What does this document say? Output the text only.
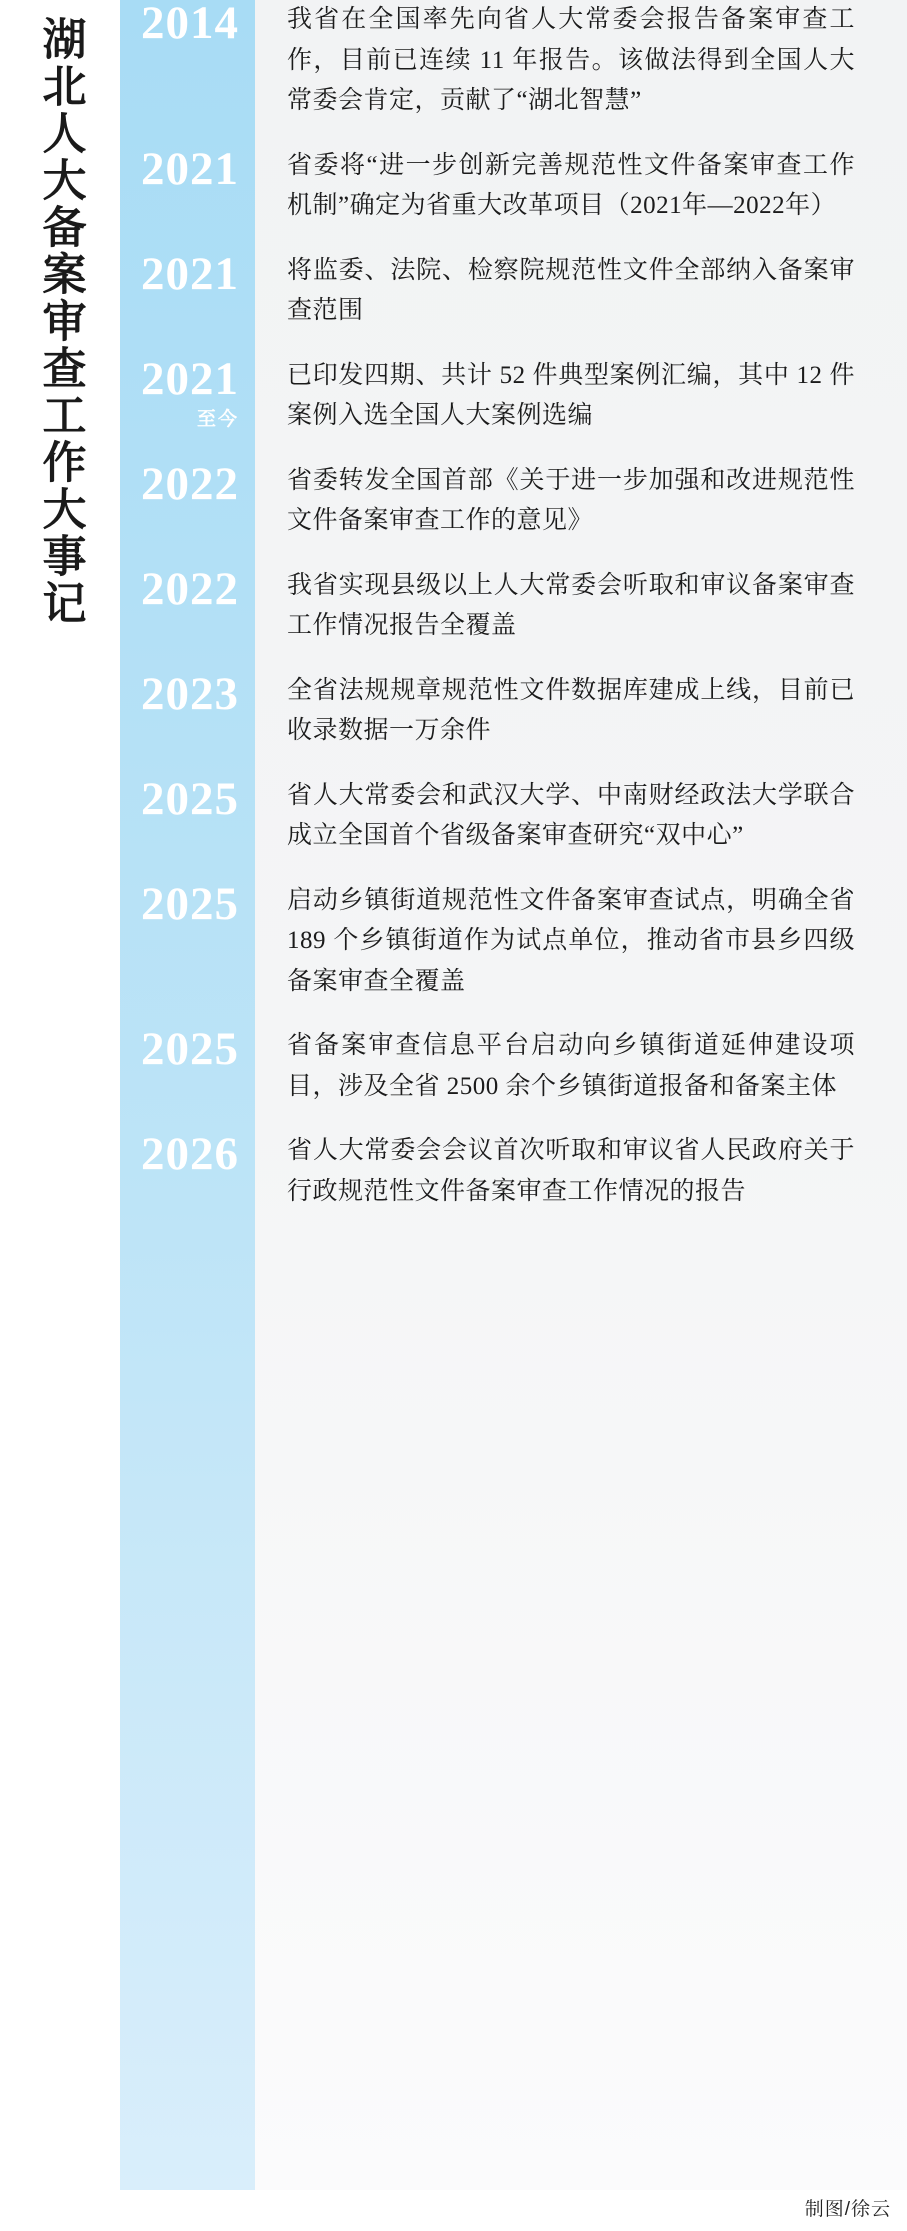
湖北人大备案审查工作大事记	2014 我省在全国率先向省人大常委会报告备案审查工作，目前已连续 11 年报告。该做法得到全国人大常委会肯定，贡献了“湖北智慧”

2021 省委将“进一步创新完善规范性文件备案审查工作机制”确定为省重大改革项目（2021年—2022年）

2021 将监委、法院、检察院规范性文件全部纳入备案审查范围

2021
至今

已印发四期、共计 52 件典型案例汇编，其中 12 件案例入选全国人大案例选编

2022 省委转发全国首部《关于进一步加强和改进规范性文件备案审查工作的意见》

2022 我省实现县级以上人大常委会听取和审议备案审查工作情况报告全覆盖

2023 全省法规规章规范性文件数据库建成上线，目前已收录数据一万余件

2025 省人大常委会和武汉大学、中南财经政法大学联合成立全国首个省级备案审查研究“双中心”

2025 启动乡镇街道规范性文件备案审查试点，明确全省 189 个乡镇街道作为试点单位，推动省市县乡四级备案审查全覆盖

2025 省备案审查信息平台启动向乡镇街道延伸建设项目，涉及全省 2500 余个乡镇街道报备和备案主体

2026 省人大常委会会议首次听取和审议省人民政府关于行政规范性文件备案审查工作情况的报告

制图/徐云
